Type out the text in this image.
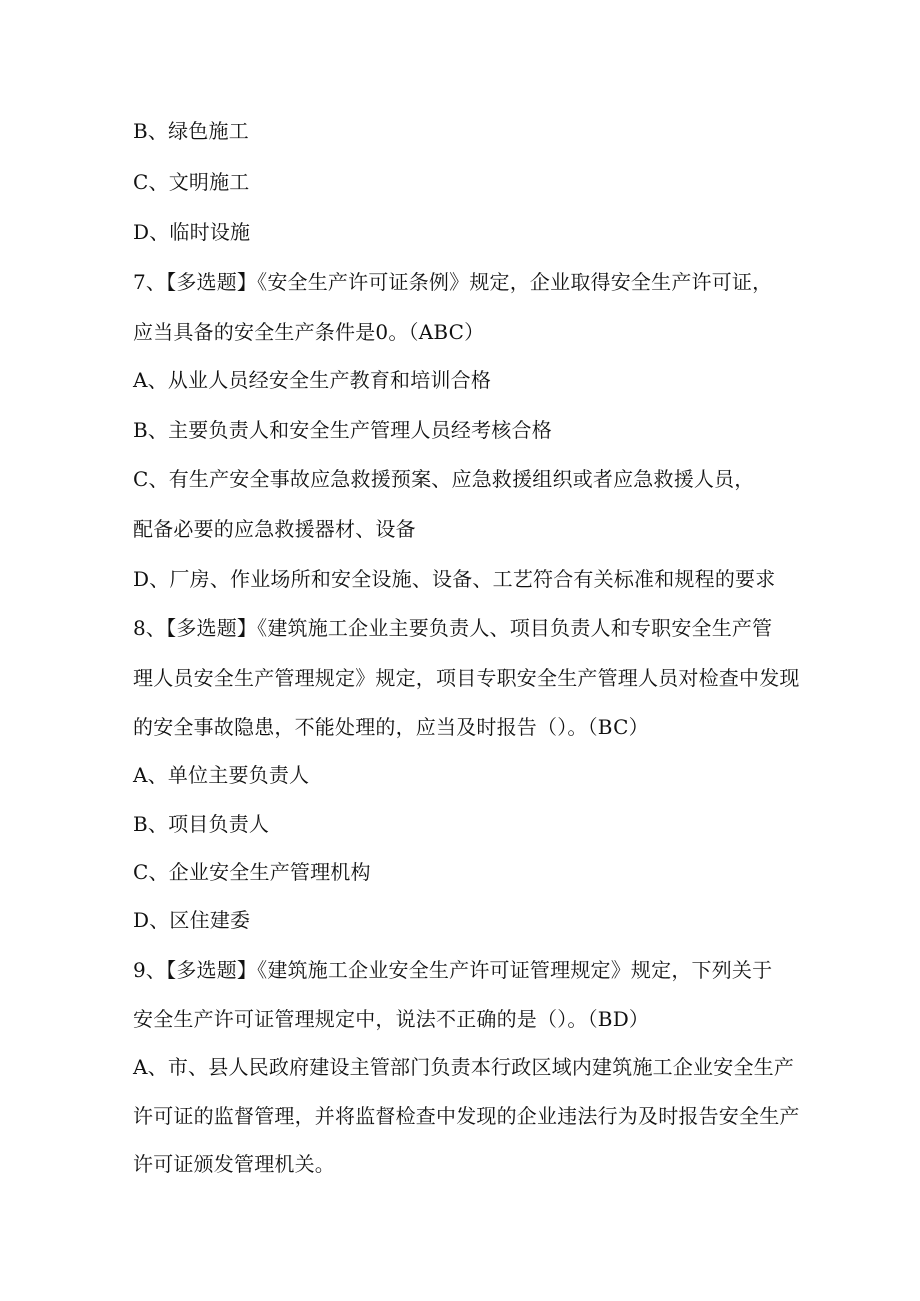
B、绿色施工
C、文明施工
D、临时设施
7、【多选题】《安全生产许可证条例》规定，企业取得安全生产许可证，
应当具备的安全生产条件是0。（ABC）
A、从业人员经安全生产教育和培训合格
B、主要负责人和安全生产管理人员经考核合格
C、有生产安全事故应急救援预案、应急救援组织或者应急救援人员，
配备必要的应急救援器材、设备
D、厂房、作业场所和安全设施、设备、工艺符合有关标准和规程的要求
8、【多选题】《建筑施工企业主要负责人、项目负责人和专职安全生产管
理人员安全生产管理规定》规定，项目专职安全生产管理人员对检查中发现
的安全事故隐患，不能处理的，应当及时报告（）。（BC）
A、单位主要负责人
B、项目负责人
C、企业安全生产管理机构
D、区住建委
9、【多选题】《建筑施工企业安全生产许可证管理规定》规定，下列关于
安全生产许可证管理规定中，说法不正确的是（）。（BD）
A、市、县人民政府建设主管部门负责本行政区域内建筑施工企业安全生产
许可证的监督管理，并将监督检查中发现的企业违法行为及时报告安全生产
许可证颁发管理机关。
